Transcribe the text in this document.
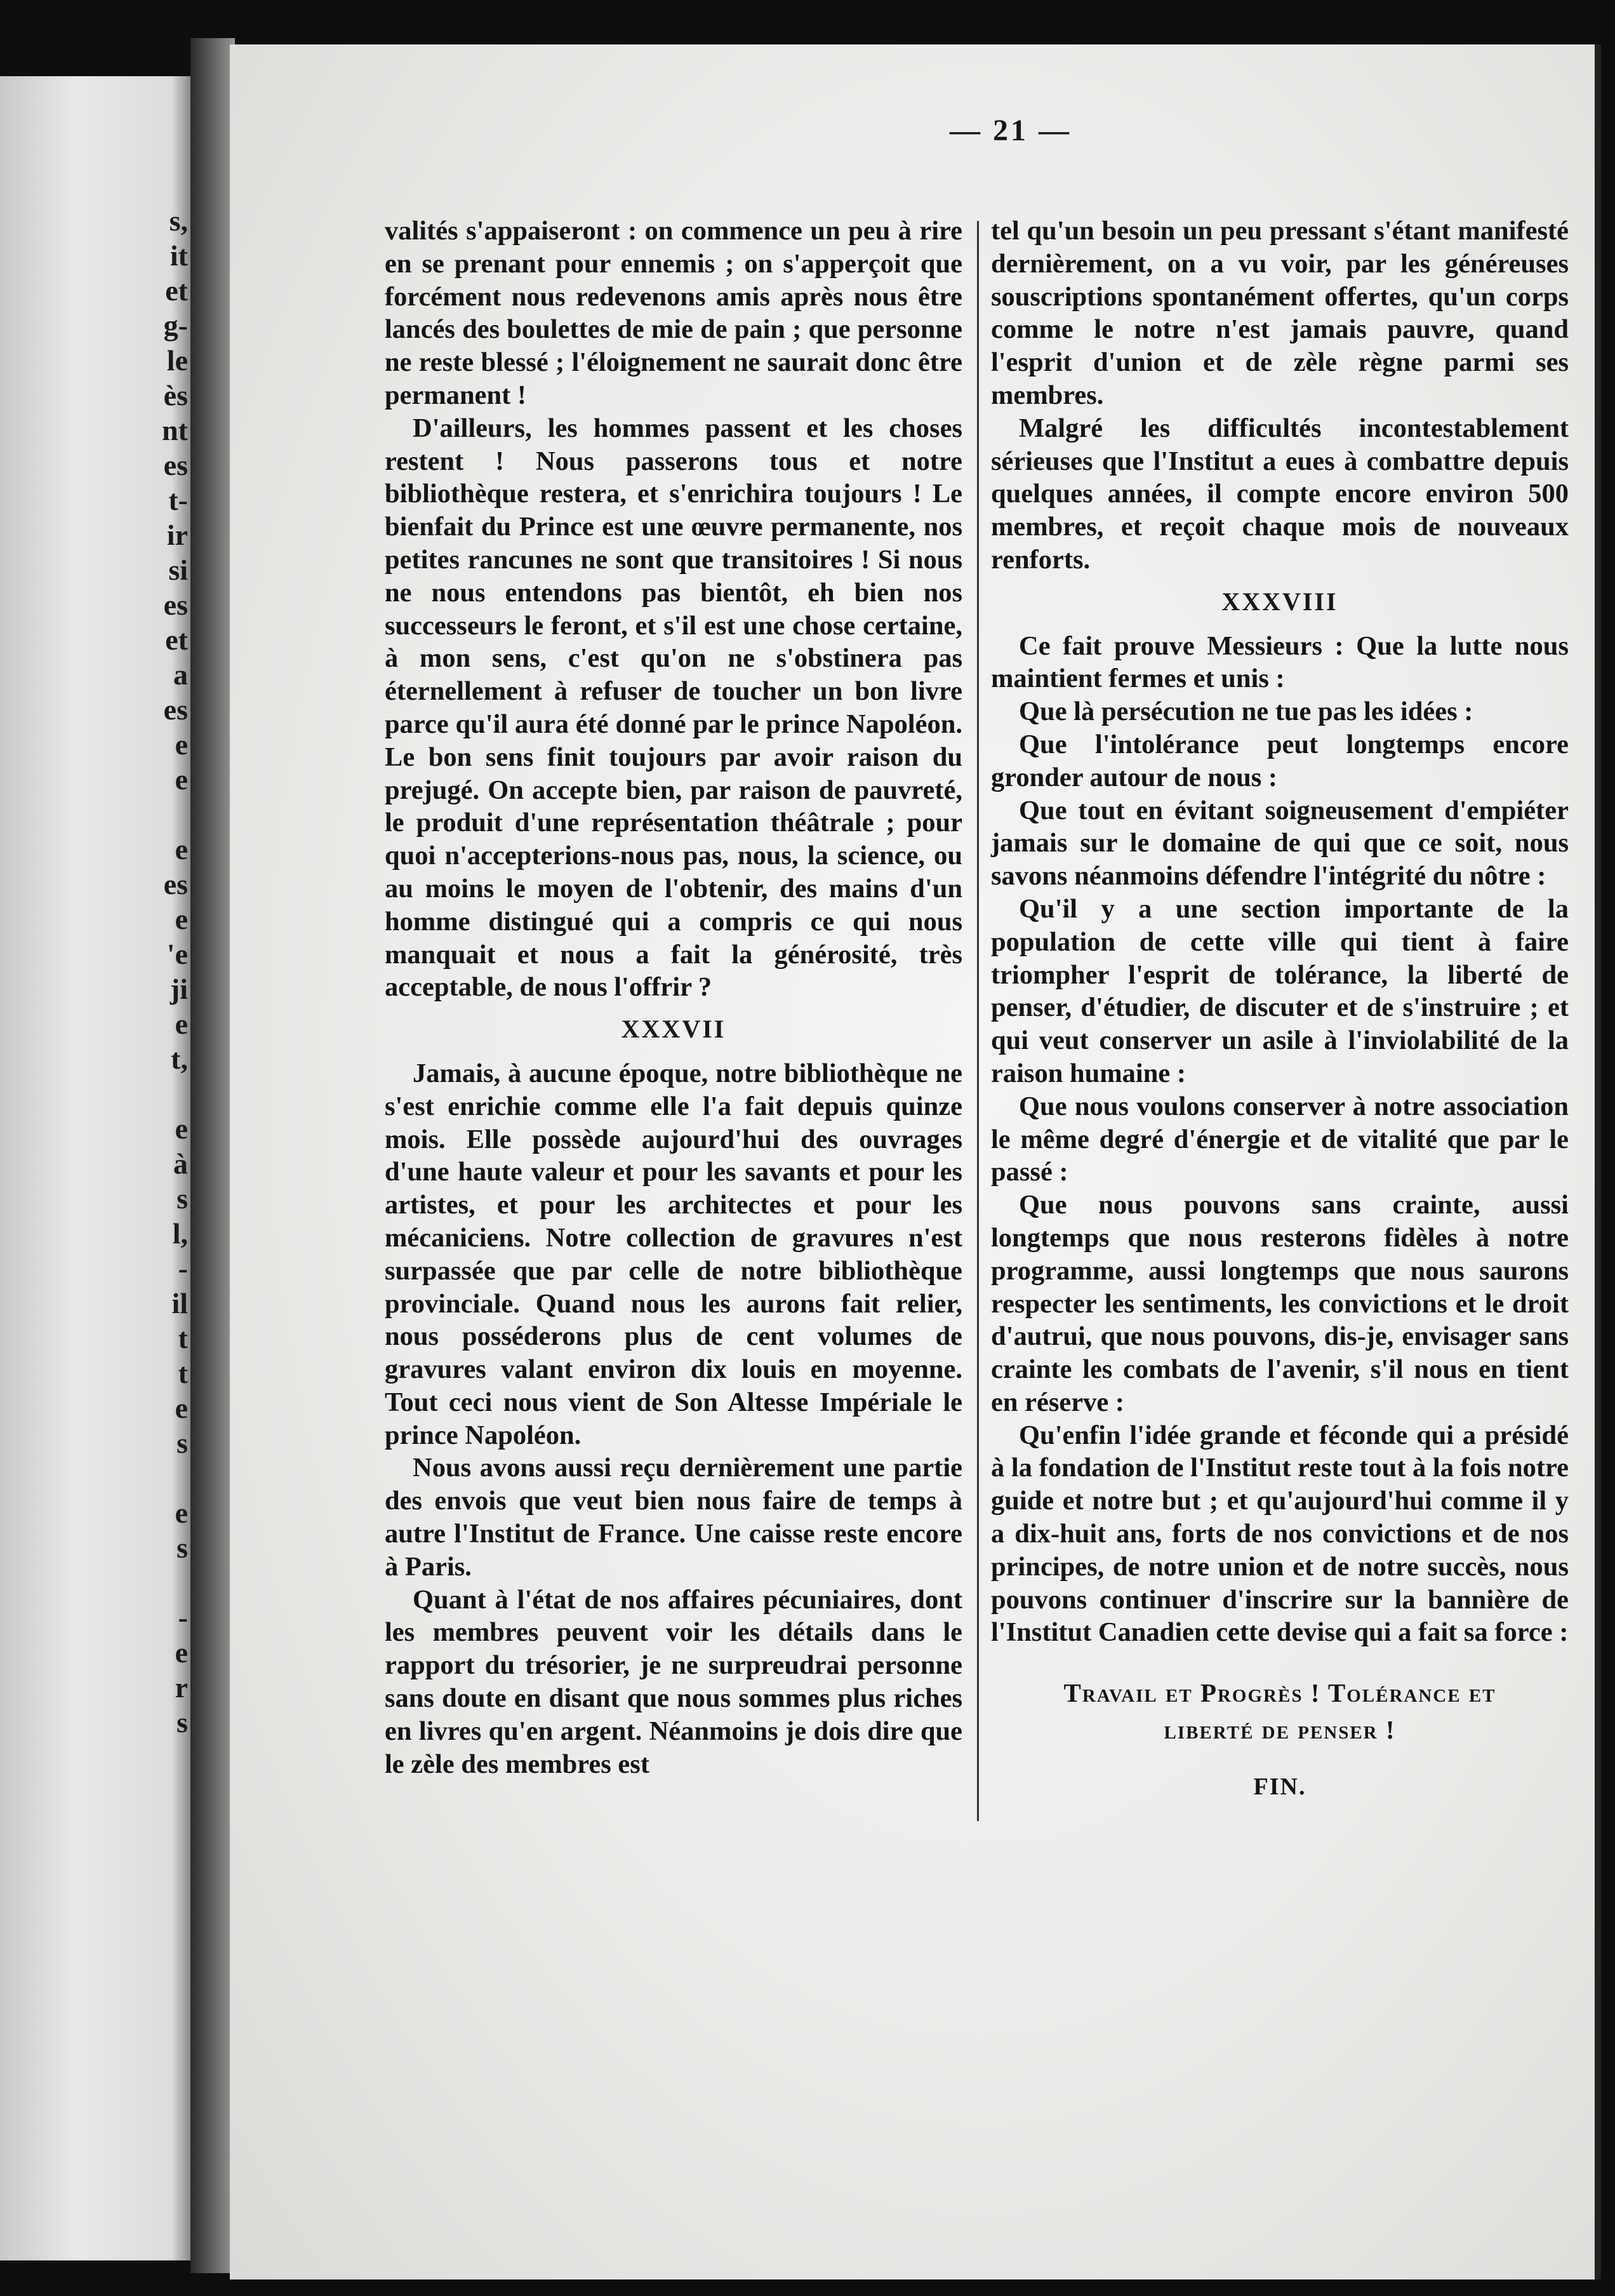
s,
it
et
g-
le
ès
nt
es
t-
ir
si
es
et
a
es
e
e

e
es
e
'e
ji
e
t,

e
à
s
l,
-
il
t
t
e
s

e
s

-
e
r
s
— 21 —

valités s'appaiseront : on commence un peu à rire en se prenant pour ennemis ; on s'apperçoit que forcément nous redevenons amis après nous être lancés des boulettes de mie de pain ; que personne ne reste blessé ; l'éloignement ne saurait donc être permanent !

D'ailleurs, les hommes passent et les choses restent ! Nous passerons tous et notre bibliothèque restera, et s'enrichira toujours ! Le bienfait du Prince est une œuvre permanente, nos petites rancunes ne sont que transitoires ! Si nous ne nous entendons pas bientôt, eh bien nos successeurs le feront, et s'il est une chose certaine, à mon sens, c'est qu'on ne s'obstinera pas éternellement à refuser de toucher un bon livre parce qu'il aura été donné par le prince Napoléon. Le bon sens finit toujours par avoir raison du prejugé. On accepte bien, par raison de pauvreté, le produit d'une représentation théâtrale ; pour quoi n'accepterions-nous pas, nous, la science, ou au moins le moyen de l'obtenir, des mains d'un homme distingué qui a compris ce qui nous manquait et nous a fait la générosité, très acceptable, de nous l'offrir ?

XXXVII

Jamais, à aucune époque, notre bibliothèque ne s'est enrichie comme elle l'a fait depuis quinze mois. Elle possède aujourd'hui des ouvrages d'une haute valeur et pour les savants et pour les artistes, et pour les architectes et pour les mécaniciens. Notre collection de gravures n'est surpassée que par celle de notre bibliothèque provinciale. Quand nous les aurons fait relier, nous posséderons plus de cent volumes de gravures valant environ dix louis en moyenne. Tout ceci nous vient de Son Altesse Impériale le prince Napoléon.

Nous avons aussi reçu dernièrement une partie des envois que veut bien nous faire de temps à autre l'Institut de France. Une caisse reste encore à Paris.

Quant à l'état de nos affaires pécuniaires, dont les membres peuvent voir les détails dans le rapport du trésorier, je ne surpreudrai personne sans doute en disant que nous sommes plus riches en livres qu'en argent. Néanmoins je dois dire que le zèle des membres est

tel qu'un besoin un peu pressant s'étant manifesté dernièrement, on a vu voir, par les généreuses souscriptions spontanément offertes, qu'un corps comme le notre n'est jamais pauvre, quand l'esprit d'union et de zèle règne parmi ses membres.

Malgré les difficultés incontestablement sérieuses que l'Institut a eues à combattre depuis quelques années, il compte encore environ 500 membres, et reçoit chaque mois de nouveaux renforts.

XXXVIII

Ce fait prouve Messieurs : Que la lutte nous maintient fermes et unis :

Que là persécution ne tue pas les idées :

Que l'intolérance peut longtemps encore gronder autour de nous :

Que tout en évitant soigneusement d'empiéter jamais sur le domaine de qui que ce soit, nous savons néanmoins défendre l'intégrité du nôtre :

Qu'il y a une section importante de la population de cette ville qui tient à faire triompher l'esprit de tolérance, la liberté de penser, d'étudier, de discuter et de s'instruire ; et qui veut conserver un asile à l'inviolabilité de la raison humaine :

Que nous voulons conserver à notre association le même degré d'énergie et de vitalité que par le passé :

Que nous pouvons sans crainte, aussi longtemps que nous resterons fidèles à notre programme, aussi longtemps que nous saurons respecter les sentiments, les convictions et le droit d'autrui, que nous pouvons, dis-je, envisager sans crainte les combats de l'avenir, s'il nous en tient en réserve :

Qu'enfin l'idée grande et féconde qui a présidé à la fondation de l'Institut reste tout à la fois notre guide et notre but ; et qu'aujourd'hui comme il y a dix-huit ans, forts de nos convictions et de nos principes, de notre union et de notre succès, nous pouvons continuer d'inscrire sur la bannière de l'Institut Canadien cette devise qui a fait sa force :

Travail et Progrès ! Tolérance et
liberté de penser !
FIN.
